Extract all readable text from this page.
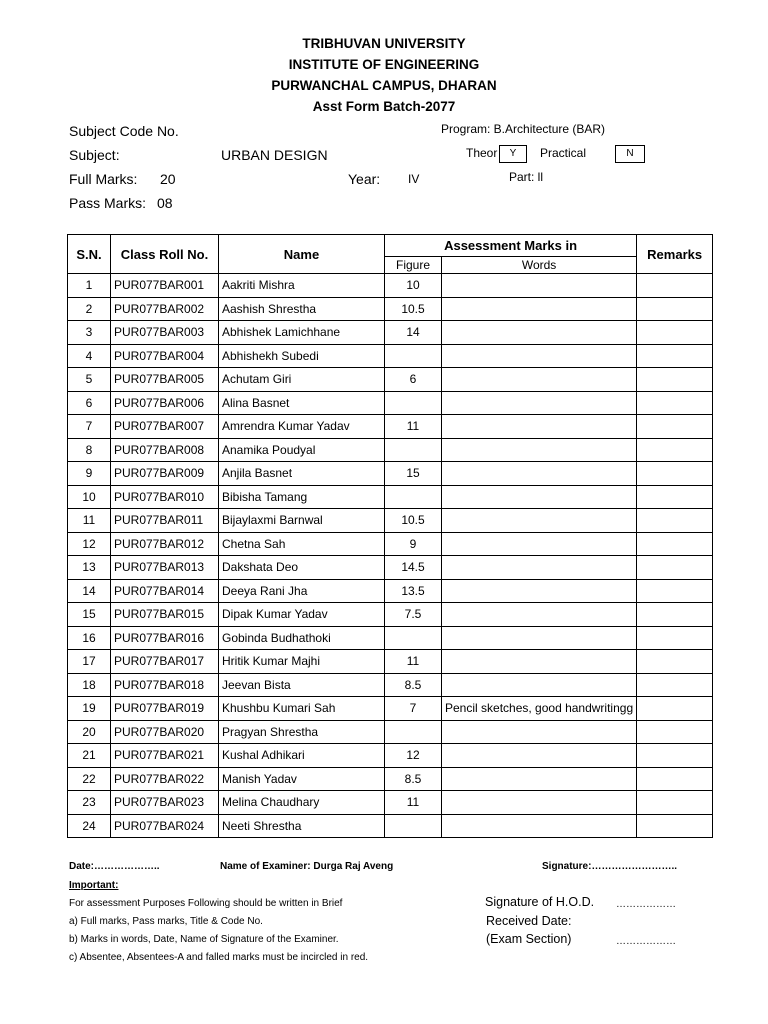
TRIBHUVAN UNIVERSITY
INSTITUTE OF ENGINEERING
PURWANCHAL CAMPUS, DHARAN
Asst Form Batch-2077
Subject Code No.	Program: B.Architecture (BAR)
Subject:	URBAN DESIGN	Theor	Y	Practical	N
Full Marks: 20	Year: IV	Part: ll
Pass Marks: 08
S.N.	Class Roll No.	Name	Assessment Marks in		Remarks
			Figure	Words	
1	PUR077BAR001	Aakriti Mishra	10		
2	PUR077BAR002	Aashish Shrestha	10.5		
3	PUR077BAR003	Abhishek Lamichhane	14		
4	PUR077BAR004	Abhishekh Subedi			
5	PUR077BAR005	Achutam Giri	6		
6	PUR077BAR006	Alina Basnet			
7	PUR077BAR007	Amrendra Kumar Yadav	11		
8	PUR077BAR008	Anamika Poudyal			
9	PUR077BAR009	Anjila Basnet	15		
10	PUR077BAR010	Bibisha Tamang			
11	PUR077BAR011	Bijaylaxmi Barnwal	10.5		
12	PUR077BAR012	Chetna Sah	9		
13	PUR077BAR013	Dakshata Deo	14.5		
14	PUR077BAR014	Deeya Rani Jha	13.5		
15	PUR077BAR015	Dipak Kumar Yadav	7.5		
16	PUR077BAR016	Gobinda Budhathoki			
17	PUR077BAR017	Hritik Kumar Majhi	11		
18	PUR077BAR018	Jeevan Bista	8.5		
19	PUR077BAR019	Khushbu Kumari Sah	7	Pencil sketches, good handwritingg	
20	PUR077BAR020	Pragyan Shrestha			
21	PUR077BAR021	Kushal Adhikari	12		
22	PUR077BAR022	Manish Yadav	8.5		
23	PUR077BAR023	Melina Chaudhary	11		
24	PUR077BAR024	Neeti Shrestha			
Date:………………..	Name of Examiner: Durga Raj Aveng	Signature:……………………..
Important:
For assessment Purposes Following should be written in Brief
a) Full marks, Pass marks, Title & Code No.
b) Marks in words, Date, Name of Signature of the Examiner.
c) Absentee, Absentees-A and falled marks must be incircled in red.
Signature of H.O.D. ………………
Received Date:
(Exam Section)	………………
